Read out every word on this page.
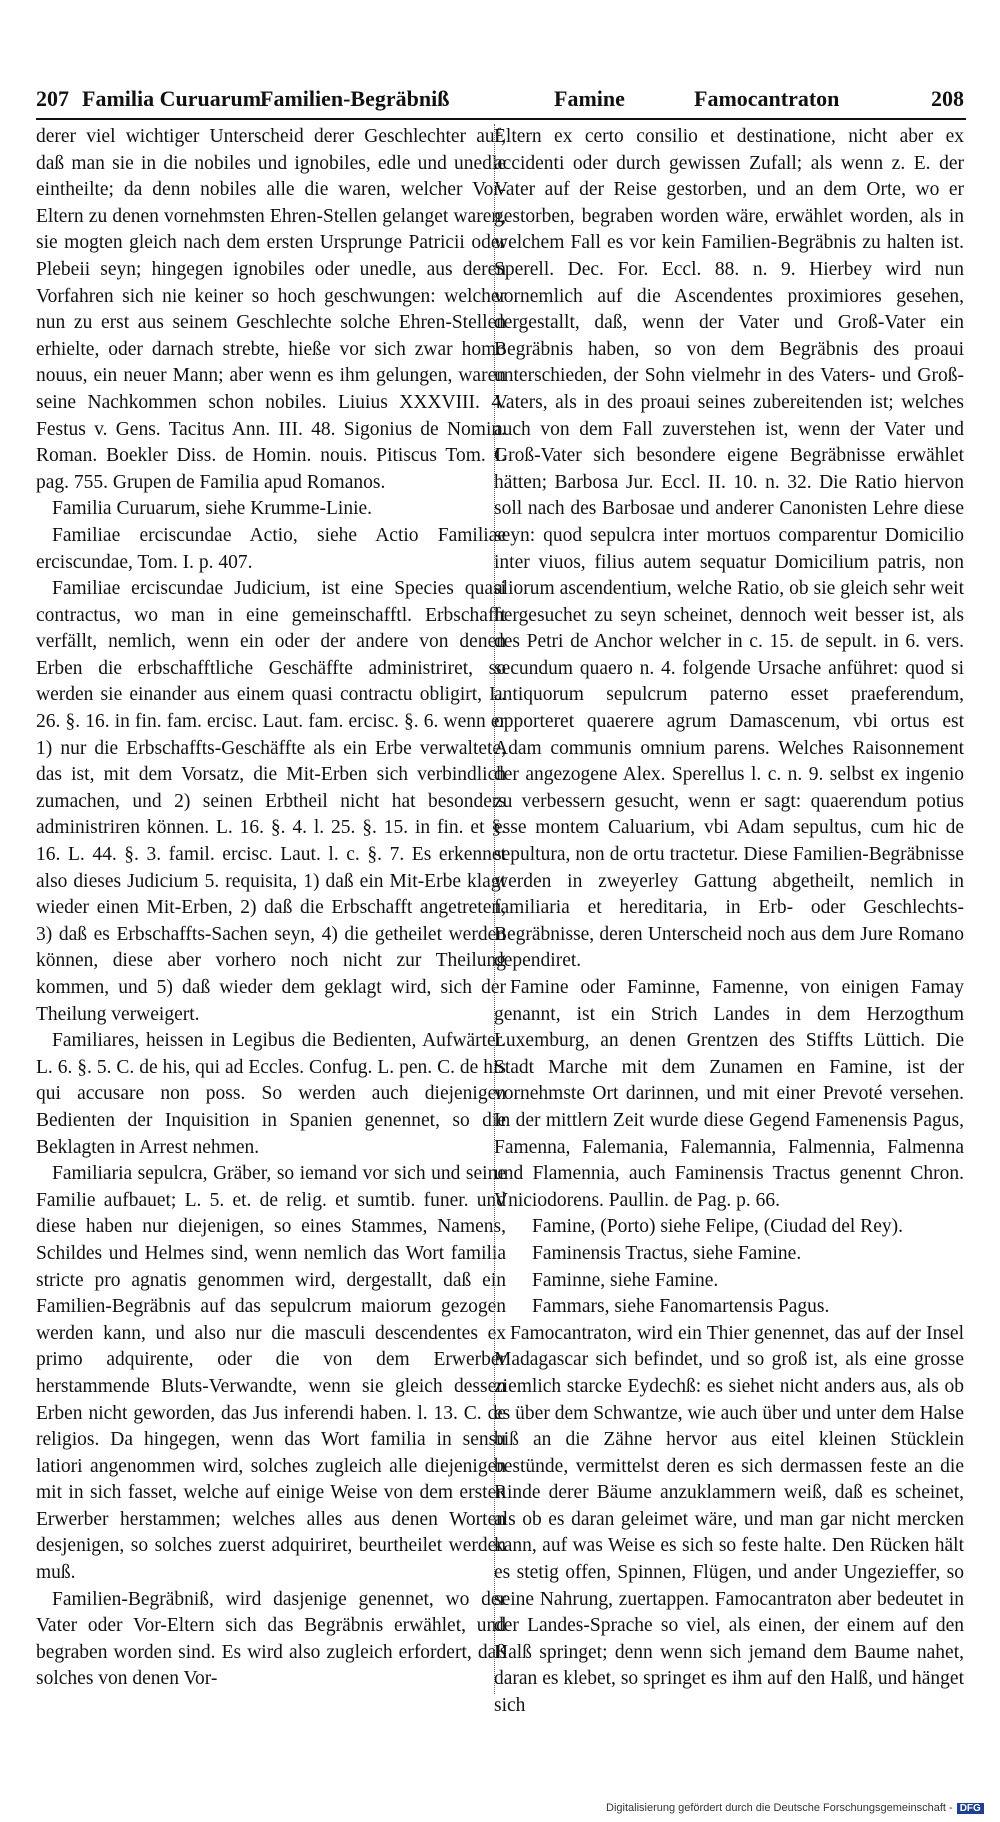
207 Familia Curuarum
Familien-Begräbniß	Famine	Famocantraton	208

derer viel wichtiger Unterscheid derer Geschlechter auf, daß man sie in die nobiles und ignobiles, edle und unedle eintheilte; da denn nobiles alle die waren, welcher Vor-Eltern zu denen vornehmsten Ehren-Stellen gelanget waren, sie mogten gleich nach dem ersten Ursprunge Patricii oder Plebeii seyn; hingegen ignobiles oder unedle, aus deren Vorfahren sich nie keiner so hoch geschwungen: welcher nun zu erst aus seinem Geschlechte solche Ehren-Stellen erhielte, oder darnach strebte, hieße vor sich zwar homo nouus, ein neuer Mann; aber wenn es ihm gelungen, waren seine Nachkommen schon nobiles. Liuius XXXVIII. 4. Festus v. Gens. Tacitus Ann. III. 48. Sigonius de Nomin. Roman. Boekler Diss. de Homin. nouis. Pitiscus Tom. I. pag. 755. Grupen de Familia apud Romanos.

Familia Curuarum, siehe Krumme-Linie.

Familiae erciscundae Actio, siehe Actio Familiae erciscundae, Tom. I. p. 407.

Familiae erciscundae Judicium, ist eine Species quasi contractus, wo man in eine gemeinschafftl. Erbschafft verfällt, nemlich, wenn ein oder der andere von denen Erben die erbschafftliche Geschäffte administriret, so werden sie einander aus einem quasi contractu obligirt, L. 26. §. 16. in fin. fam. ercisc. Laut. fam. ercisc. §. 6. wenn er 1) nur die Erbschaffts-Geschäffte als ein Erbe verwaltete, das ist, mit dem Vorsatz, die Mit-Erben sich verbindlich zumachen, und 2) seinen Erbtheil nicht hat besonders administriren können. L. 16. §. 4. l. 25. §. 15. in fin. et §. 16. L. 44. §. 3. famil. ercisc. Laut. l. c. §. 7. Es erkennet also dieses Judicium 5. requisita, 1) daß ein Mit-Erbe klagt wieder einen Mit-Erben, 2) daß die Erbschafft angetreten, 3) daß es Erbschaffts-Sachen seyn, 4) die getheilet werden können, diese aber vorhero noch nicht zur Theilung kommen, und 5) daß wieder dem geklagt wird, sich der Theilung verweigert.

Familiares, heissen in Legibus die Bedienten, Aufwärter. L. 6. §. 5. C. de his, qui ad Eccles. Confug. L. pen. C. de his qui accusare non poss. So werden auch diejenigen Bedienten der Inquisition in Spanien genennet, so die Beklagten in Arrest nehmen.

Familiaria sepulcra, Gräber, so iemand vor sich und seine Familie aufbauet; L. 5. et. de relig. et sumtib. funer. und diese haben nur diejenigen, so eines Stammes, Namens, Schildes und Helmes sind, wenn nemlich das Wort familia stricte pro agnatis genommen wird, dergestallt, daß ein Familien-Begräbnis auf das sepulcrum maiorum gezogen werden kann, und also nur die masculi descendentes ex primo adquirente, oder die von dem Erwerber herstammende Bluts-Verwandte, wenn sie gleich dessen Erben nicht geworden, das Jus inferendi haben. l. 13. C. de religios. Da hingegen, wenn das Wort familia in sensu latiori angenommen wird, solches zugleich alle diejenigen mit in sich fasset, welche auf einige Weise von dem ersten Erwerber herstammen; welches alles aus denen Worten desjenigen, so solches zuerst adquiriret, beurtheilet werden muß.

Familien-Begräbniß, wird dasjenige genennet, wo der Vater oder Vor-Eltern sich das Begräbnis erwählet, und begraben worden sind. Es wird also zugleich erfordert, daß solches von denen Vor-

Eltern ex certo consilio et destinatione, nicht aber ex accidenti oder durch gewissen Zufall; als wenn z. E. der Vater auf der Reise gestorben, und an dem Orte, wo er gestorben, begraben worden wäre, erwählet worden, als in welchem Fall es vor kein Familien-Begräbnis zu halten ist. Sperell. Dec. For. Eccl. 88. n. 9. Hierbey wird nun vornemlich auf die Ascendentes proximiores gesehen, dergestallt, daß, wenn der Vater und Groß-Vater ein Begräbnis haben, so von dem Begräbnis des proaui unterschieden, der Sohn vielmehr in des Vaters- und Groß-Vaters, als in des proaui seines zubereitenden ist; welches auch von dem Fall zuverstehen ist, wenn der Vater und Groß-Vater sich besondere eigene Begräbnisse erwählet hätten; Barbosa Jur. Eccl. II. 10. n. 32. Die Ratio hiervon soll nach des Barbosae und anderer Canonisten Lehre diese seyn: quod sepulcra inter mortuos comparentur Domicilio inter viuos, filius autem sequatur Domicilium patris, non aliorum ascendentium, welche Ratio, ob sie gleich sehr weit hergesuchet zu seyn scheinet, dennoch weit besser ist, als des Petri de Anchor welcher in c. 15. de sepult. in 6. vers. secundum quaero n. 4. folgende Ursache anführet: quod si antiquorum sepulcrum paterno esset praeferendum, opporteret quaerere agrum Damascenum, vbi ortus est Adam communis omnium parens. Welches Raisonnement der angezogene Alex. Sperellus l. c. n. 9. selbst ex ingenio zu verbessern gesucht, wenn er sagt: quaerendum potius esse montem Caluarium, vbi Adam sepultus, cum hic de sepultura, non de ortu tractetur. Diese Familien-Begräbnisse werden in zweyerley Gattung abgetheilt, nemlich in familiaria et hereditaria, in Erb- oder Geschlechts-Begräbnisse, deren Unterscheid noch aus dem Jure Romano dependiret.

Famine oder Faminne, Famenne, von einigen Famay genannt, ist ein Strich Landes in dem Herzogthum Luxemburg, an denen Grentzen des Stiffts Lüttich. Die Stadt Marche mit dem Zunamen en Famine, ist der vornehmste Ort darinnen, und mit einer Prevoté versehen. In der mittlern Zeit wurde diese Gegend Famenensis Pagus, Famenna, Falemania, Falemannia, Falmennia, Falmenna und Flamennia, auch Faminensis Tractus genennt Chron. Vniciodorens. Paullin. de Pag. p. 66.

Famine, (Porto) siehe Felipe, (Ciudad del Rey).

Faminensis Tractus, siehe Famine.

Faminne, siehe Famine.

Fammars, siehe Fanomartensis Pagus.

Famocantraton, wird ein Thier genennet, das auf der Insel Madagascar sich befindet, und so groß ist, als eine grosse ziemlich starcke Eydechß: es siehet nicht anders aus, als ob es über dem Schwantze, wie auch über und unter dem Halse biß an die Zähne hervor aus eitel kleinen Stücklein bestünde, vermittelst deren es sich dermassen feste an die Rinde derer Bäume anzuklammern weiß, daß es scheinet, als ob es daran geleimet wäre, und man gar nicht mercken kann, auf was Weise es sich so feste halte. Den Rücken hält es stetig offen, Spinnen, Flügen, und ander Ungezieffer, so seine Nahrung, zuertappen. Famocantraton aber bedeutet in der Landes-Sprache so viel, als einen, der einem auf den Halß springet; denn wenn sich jemand dem Baume nahet, daran es klebet, so springet es ihm auf den Halß, und hänget sich

Digitalisierung gefördert durch die Deutsche Forschungsgemeinschaft - DFG
